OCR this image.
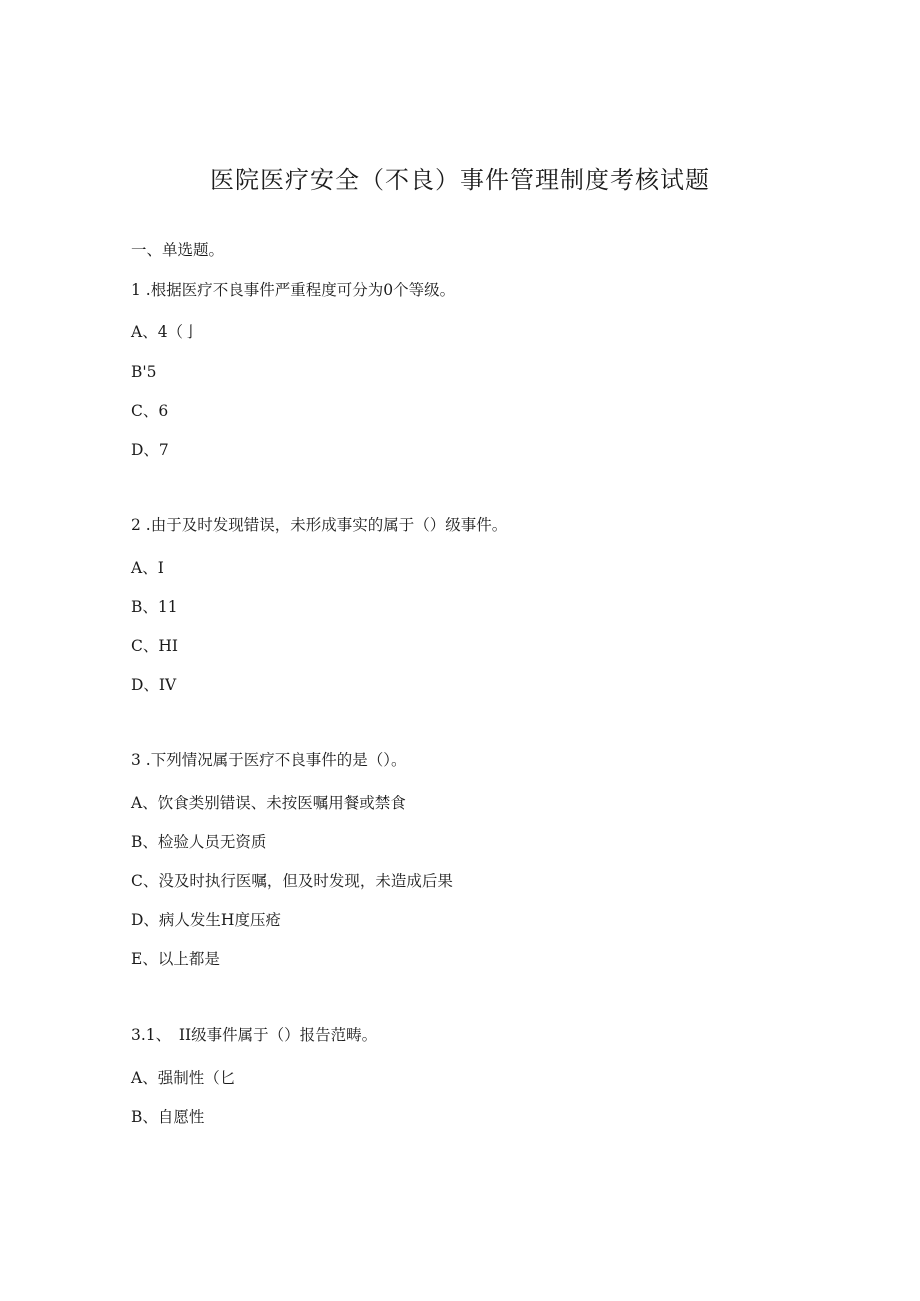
医院医疗安全（不良）事件管理制度考核试题
一、单选题。
1 .根据医疗不良事件严重程度可分为0个等级。
A、4（亅
B'5
C、6
D、7
2 .由于及时发现错误，未形成事实的属于（）级事件。
A、I
B、11
C、HI
D、IV
3 .下列情况属于医疗不良事件的是（）。
A、饮食类别错误、未按医嘱用餐或禁食
B、检验人员无资质
C、没及时执行医嘱，但及时发现，未造成后果
D、病人发生H度压疮
E、以上都是
3.1、　II级事件属于（）报告范畴。
A、强制性（匕
B、自愿性
